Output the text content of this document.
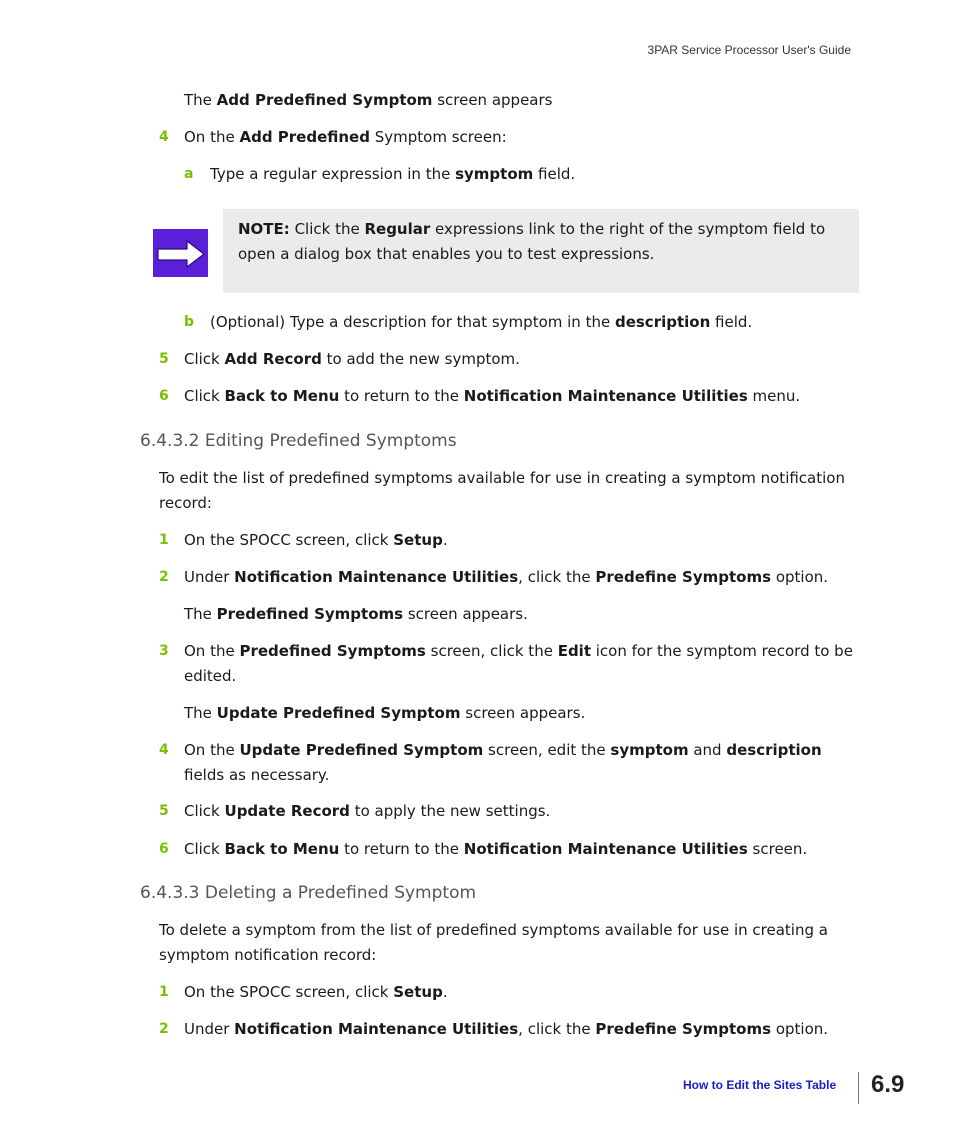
3PAR Service Processor User's Guide

The Add Predefined Symptom screen appears

4 On the Add Predefined Symptom screen:

a Type a regular expression in the symptom field.

NOTE: Click the Regular expressions link to the right of the symptom field to open a dialog box that enables you to test expressions.

b (Optional) Type a description for that symptom in the description field.

5 Click Add Record to add the new symptom.

6 Click Back to Menu to return to the Notification Maintenance Utilities menu.

6.4.3.2 Editing Predefined Symptoms

To edit the list of predefined symptoms available for use in creating a symptom notification record:

1 On the SPOCC screen, click Setup.

2 Under Notification Maintenance Utilities, click the Predefine Symptoms option.

The Predefined Symptoms screen appears.

3 On the Predefined Symptoms screen, click the Edit icon for the symptom record to be edited.

The Update Predefined Symptom screen appears.

4 On the Update Predefined Symptom screen, edit the symptom and description fields as necessary.

5 Click Update Record to apply the new settings.

6 Click Back to Menu to return to the Notification Maintenance Utilities screen.

6.4.3.3 Deleting a Predefined Symptom

To delete a symptom from the list of predefined symptoms available for use in creating a symptom notification record:

1 On the SPOCC screen, click Setup.

2 Under Notification Maintenance Utilities, click the Predefine Symptoms option.

How to Edit the Sites Table 6.9
